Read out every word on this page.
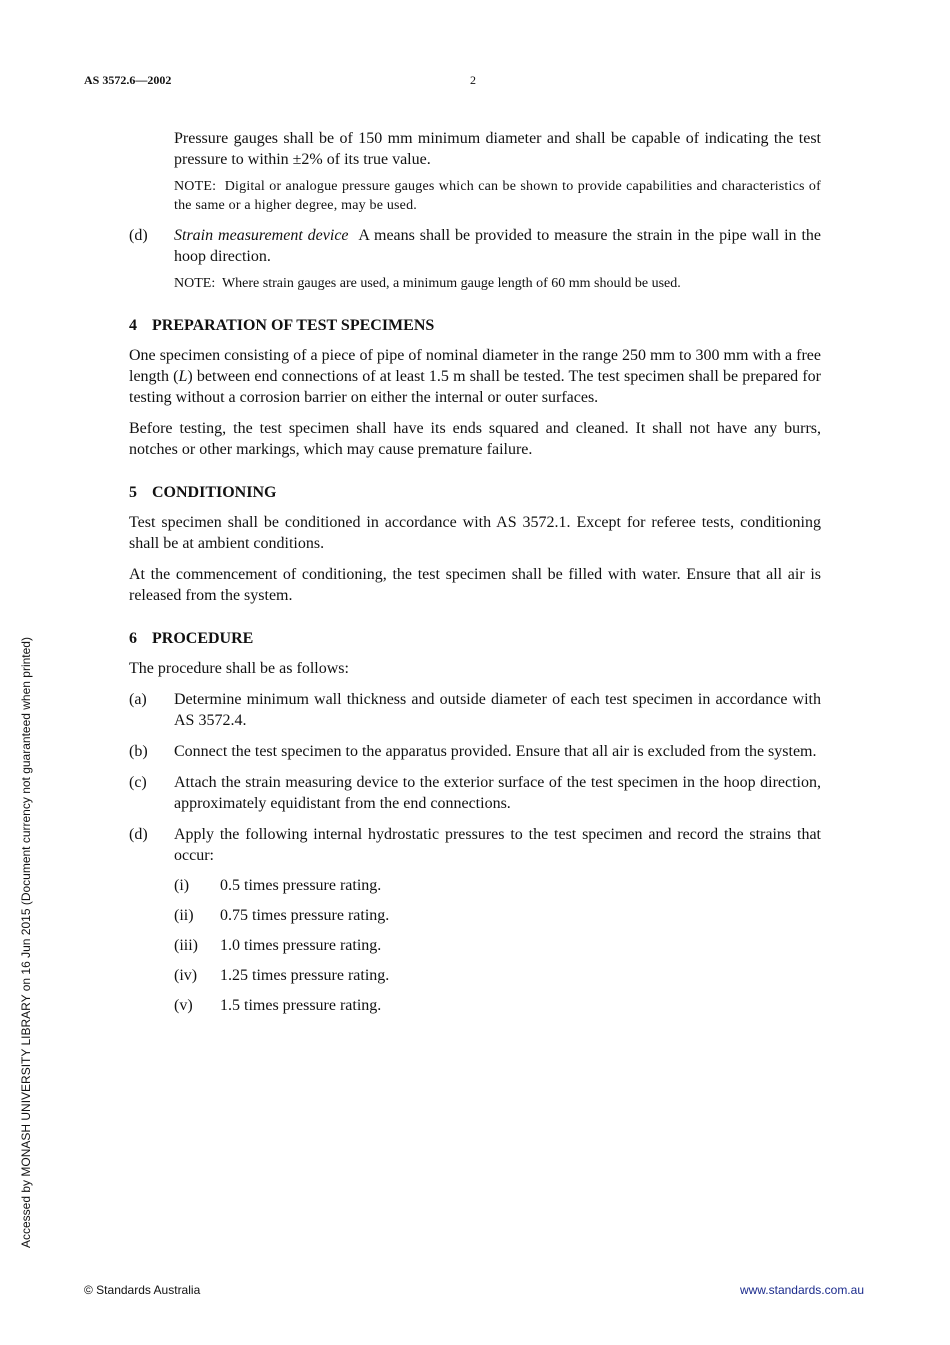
AS 3572.6—2002	2
Accessed by MONASH UNIVERSITY LIBRARY on 16 Jun 2015 (Document currency not guaranteed when printed)

Pressure gauges shall be of 150 mm minimum diameter and shall be capable of indicating the test pressure to within ±2% of its true value.

NOTE:  Digital or analogue pressure gauges which can be shown to provide capabilities and characteristics of the same or a higher degree, may be used.

(d)	Strain measurement device A means shall be provided to measure the strain in the pipe wall in the hoop direction.

NOTE:  Where strain gauges are used, a minimum gauge length of 60 mm should be used.

4 PREPARATION OF TEST SPECIMENS

One specimen consisting of a piece of pipe of nominal diameter in the range 250 mm to 300 mm with a free length (L) between end connections of at least 1.5 m shall be tested. The test specimen shall be prepared for testing without a corrosion barrier on either the internal or outer surfaces.

Before testing, the test specimen shall have its ends squared and cleaned. It shall not have any burrs, notches or other markings, which may cause premature failure.

5 CONDITIONING

Test specimen shall be conditioned in accordance with AS 3572.1. Except for referee tests, conditioning shall be at ambient conditions.

At the commencement of conditioning, the test specimen shall be filled with water. Ensure that all air is released from the system.

6 PROCEDURE

The procedure shall be as follows:

(a)	Determine minimum wall thickness and outside diameter of each test specimen in accordance with AS 3572.4.
(b)	Connect the test specimen to the apparatus provided. Ensure that all air is excluded from the system.
(c)	Attach the strain measuring device to the exterior surface of the test specimen in the hoop direction, approximately equidistant from the end connections.
(d)	Apply the following internal hydrostatic pressures to the test specimen and record the strains that occur:
(i)	0.5 times pressure rating.
(ii)	0.75 times pressure rating.
(iii)	1.0 times pressure rating.
(iv)	1.25 times pressure rating.
(v)	1.5 times pressure rating.
© Standards Australia	www.standards.com.au
